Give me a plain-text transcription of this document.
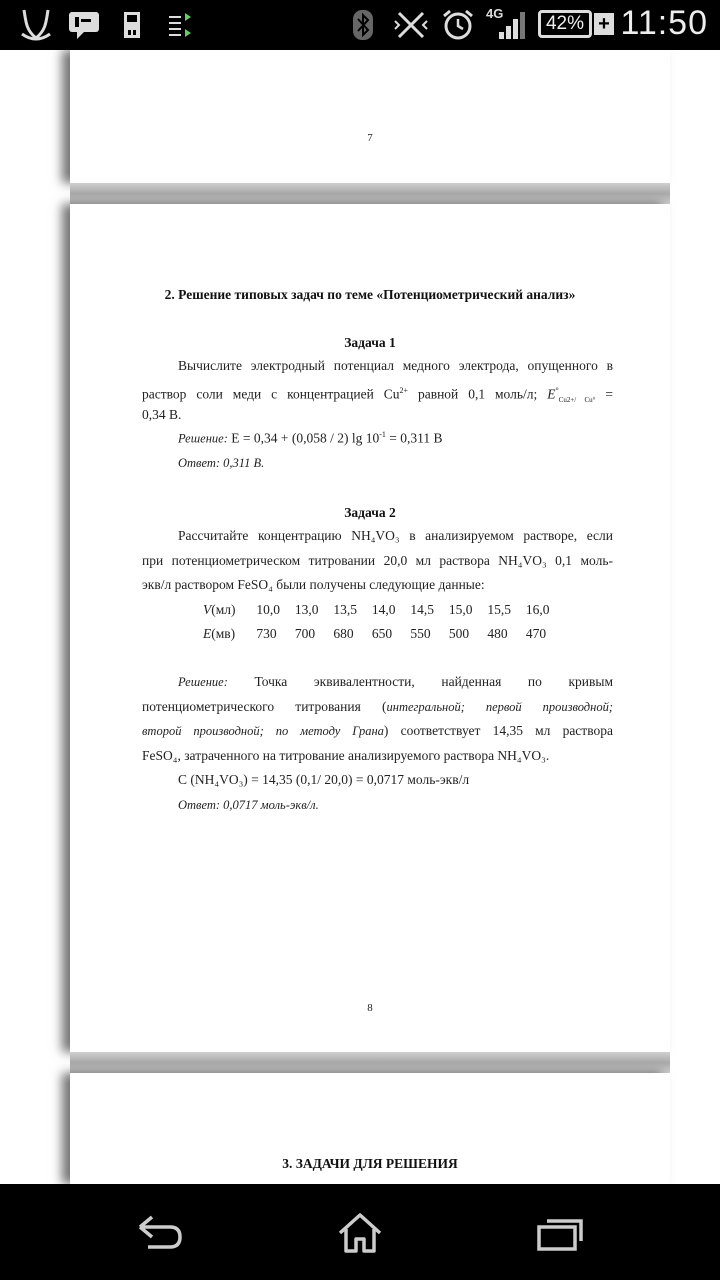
4G	42% + 11:50
7
2. Решение типовых задач по теме «Потенциометрический анализ»
Задача 1
Вычислите электродный потенциал медного электрода, опущенного в
раствор соли меди с концентрацией $Cu^{2+}$ равной 0,1 моль/л; $E^\circ_{Cu2+/ Cu^\circ}$ =
0,34 В.
Решение: E = 0,34 + (0,058 / 2) $\lg 10^{-1} = 0,311$ В
Ответ: 0,311 В.
Задача 2
Рассчитайте концентрацию NH₄VO₃ в анализируемом растворе, если
при потенциометрическом титровании 20,0 мл раствора NH₄VO₃ 0,1 моль-
экв/л раствором FeSO₄ были получены следующие данные:
V(мл) 10,0 13,0 13,5 14,0 14,5 15,0 15,5 16,0
E(мв) 730 700 680 650 550 500 480 470
Решение: Точка эквивалентности, найденная по кривым
потенциометрического титрования (интегральной; первой производной;
второй производной; по методу Грана) соответствует 14,35 мл раствора
FeSO₄, затраченного на титрование анализируемого раствора NH₄VO₃.
C (NH₄VO₃) = 14,35 (0,1/ 20,0) = 0,0717 моль-экв/л
Ответ: 0,0717 моль-экв/л.
8
3. ЗАДАЧИ ДЛЯ РЕШЕНИЯ
